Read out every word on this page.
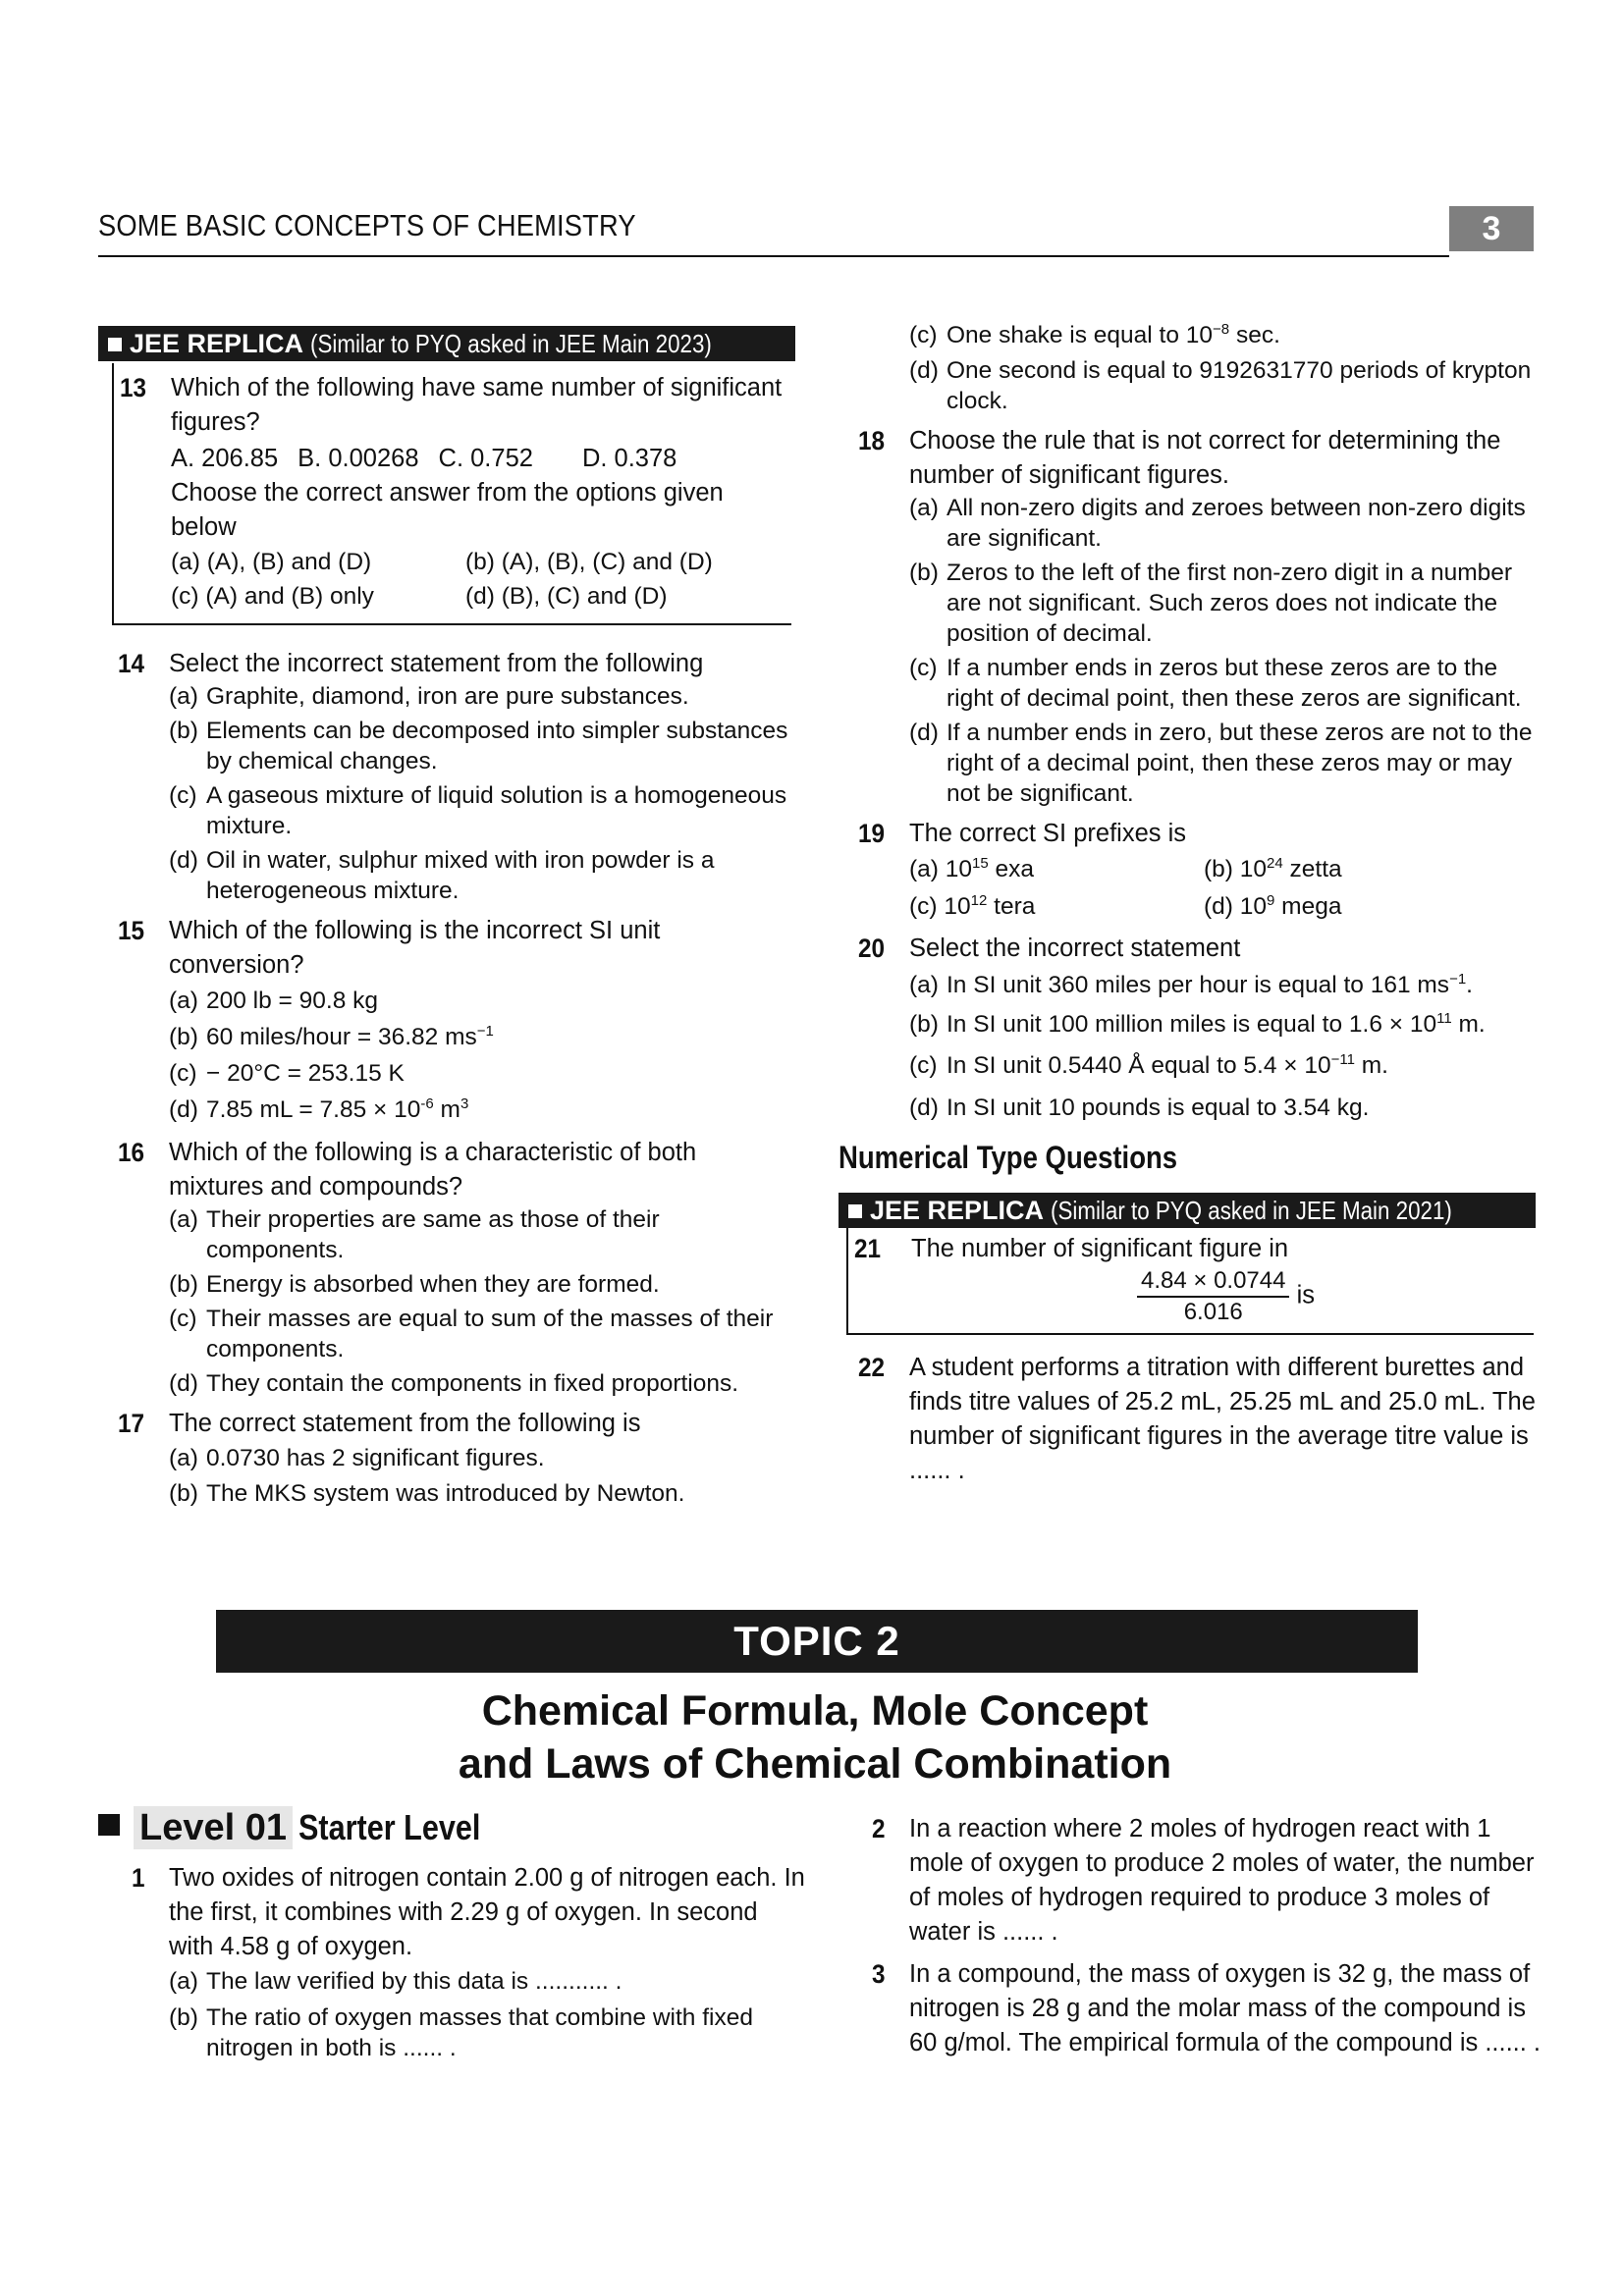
SOME BASIC CONCEPTS OF CHEMISTRY	3
JEE REPLICA (Similar to PYQ asked in JEE Main 2023)
13 Which of the following have same number of significant figures?

A. 206.85 B. 0.00268 C. 0.752 D. 0.378

Choose the correct answer from the options given below

(a) (A), (B) and (D)	(b) (A), (B), (C) and (D)
(c) (A) and (B) only	(d) (B), (C) and (D)
14 Select the incorrect statement from the following

(a) Graphite, diamond, iron are pure substances.
(b) Elements can be decomposed into simpler substances by chemical changes.
(c) A gaseous mixture of liquid solution is a homogeneous mixture.
(d) Oil in water, sulphur mixed with iron powder is a heterogeneous mixture.
15 Which of the following is the incorrect SI unit conversion?

(a) 200 lb = 90.8 kg
(b) 60 miles/hour = 36.82 $ms^{-1}$
(c) − 20°C = 253.15 K
(d) 7.85 mL = $7.85 \times 10^{-6}$ $m^3$
16 Which of the following is a characteristic of both mixtures and compounds?

(a) Their properties are same as those of their components.
(b) Energy is absorbed when they are formed.
(c) Their masses are equal to sum of the masses of their components.
(d) They contain the components in fixed proportions.
17 The correct statement from the following is

(a) 0.0730 has 2 significant figures.
(b) The MKS system was introduced by Newton.
(c) One shake is equal to $10^{-8}$ sec.
(d) One second is equal to 9192631770 periods of krypton clock.
18 Choose the rule that is not correct for determining the number of significant figures.

(a) All non-zero digits and zeroes between non-zero digits are significant.
(b) Zeros to the left of the first non-zero digit in a number are not significant. Such zeros does not indicate the position of decimal.
(c) If a number ends in zeros but these zeros are to the right of decimal point, then these zeros are significant.
(d) If a number ends in zero, but these zeros are not to the right of a decimal point, then these zeros may or may not be significant.
19 The correct SI prefixes is

(a) $10^{15}$ exa	(b) $10^{24}$ zetta
(c) $10^{12}$ tera	(d) $10^9$ mega
20 Select the incorrect statement

(a) In SI unit 360 miles per hour is equal to 161 $ms^{-1}$.
(b) In SI unit 100 million miles is equal to $1.6 \times 10^{11}$ m.
(c) In SI unit 0.5440 Å equal to $5.4 \times 10^{-11}$ m.
(d) In SI unit 10 pounds is equal to 3.54 kg.
Numerical Type Questions
JEE REPLICA (Similar to PYQ asked in JEE Main 2021)
21 The number of significant figure in

$\frac{4.84 \times 0.0744}{6.016}$ is
22 A student performs a titration with different burettes and finds titre values of 25.2 mL, 25.25 mL and 25.0 mL. The number of significant figures in the average titre value is ...... .

TOPIC 2
Chemical Formula, Mole Concept
and Laws of Chemical Combination
Level 01 Starter Level
1 Two oxides of nitrogen contain 2.00 g of nitrogen each. In the first, it combines with 2.29 g of oxygen. In second with 4.58 g of oxygen.

(a) The law verified by this data is ........... .
(b) The ratio of oxygen masses that combine with fixed nitrogen in both is ...... .
2 In a reaction where 2 moles of hydrogen react with 1 mole of oxygen to produce 2 moles of water, the number of moles of hydrogen required to produce 3 moles of water is ...... .

3 In a compound, the mass of oxygen is 32 g, the mass of nitrogen is 28 g and the molar mass of the compound is 60 g/mol. The empirical formula of the compound is ...... .
